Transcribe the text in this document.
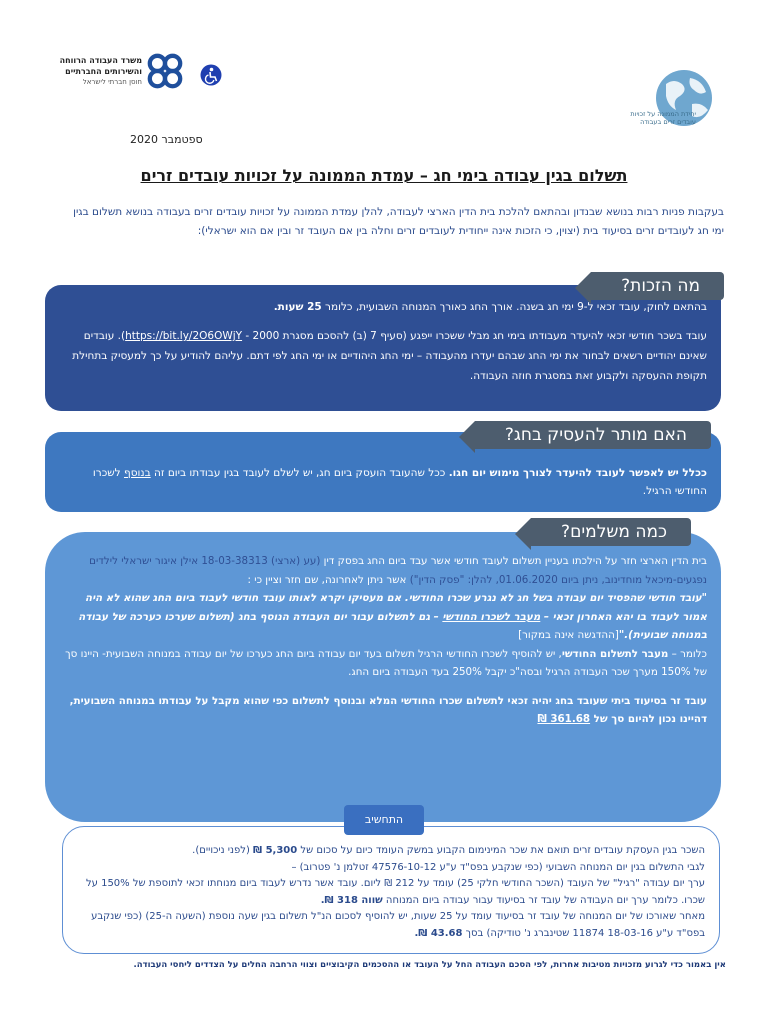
משרד העבודה הרווחה
והשירותים החברתיים
חוסן חברתי לישראל
יחידת הממונה על זכויות
עובדים זרים בעבודה
ספטמבר 2020
תשלום בגין עבודה בימי חג – עמדת הממונה על זכויות עובדים זרים
בעקבות פניות רבות בנושא שבנדון ובהתאם להלכת בית הדין הארצי לעבודה, להלן עמדת הממונה על זכויות עובדים זרים בעבודה בנושא תשלום בגין ימי חג לעובדים זרים בסיעוד בית (יצוין, כי הזכות אינה ייחודית לעובדים זרים וחלה בין אם העובד זר ובין אם הוא ישראלי):
מה הזכות?
בהתאם לחוק, עובד זכאי ל-9 ימי חג בשנה. אורך החג כאורך המנוחה השבועית, כלומר 25 שעות.
עובד בשכר חודשי זכאי להיעדר מעבודתו בימי חג מבלי ששכרו ייפגע (סעיף 7 (ב) להסכם מסגרת 2000 - https://bit.ly/2O6OWjY). עובדים שאינם יהודיים רשאים לבחור את ימי החג שבהם יעדרו מהעבודה – ימי החג היהודיים או ימי החג לפי דתם. עליהם להודיע על כך למעסיק בתחילת תקופת ההעסקה ולקבוע זאת במסגרת חוזה העבודה.
האם מותר להעסיק בחג?
ככלל יש לאפשר לעובד להיעדר לצורך מימוש יום חגו. ככל שהעובד הועסק ביום חג, יש לשלם לעובד בגין עבודתו ביום זה בנוסף לשכרו החודשי הרגיל.
כמה משלמים?
בית הדין הארצי חזר על הילכתו בעניין תשלום לעובד חודשי אשר עבד ביום החג בפסק דין (עע (ארצי) 18-03-38313 אילן איגור ישראלי לילדים נפגעים-מיכאל מוחדינוב, ניתן ביום 01.06.2020, להלן: "פסק הדין") אשר ניתן לאחרונה, שם חזר וציין כי :
"עובד חודשי שהפסיד יום עבודה בשל חג לא נגרע שכרו החודשי. אם מעסיקו יקרא לאותו עובד חודשי לעבוד ביום החג שהוא לא היה אמור לעבוד בו יהא האחרון זכאי – מעבר לשכרו החודשי – גם לתשלום עבור יום העבודה הנוסף בחג (תשלום שערכו כערכה של עבודה במנוחה שבועית)."[ההדגשה אינה במקור]
כלומר – מעבר לתשלום החודשי, יש להוסיף לשכרו החודשי הרגיל תשלום בעד יום עבודה ביום החג כערכו של יום עבודה במנוחה השבועית- היינו סך של 150% מערך שכר העבודה הרגיל ובסה"כ יקבל 250% בעד העבודה ביום החג.
עובד זר בסיעוד ביתי שעובד בחג יהיה זכאי לתשלום שכרו החודשי המלא ובנוסף לתשלום כפי שהוא מקבל על עבודתו במנוחה השבועית, דהיינו נכון להיום סך של 361.68 ₪
השכר בגין העסקת עובדים זרים תואם את שכר המינימום הקבוע במשק העומד כיום על סכום של 5,300 ₪ (לפני ניכויים).
לגבי התשלום בגין יום המנוחה השבועי (כפי שנקבע בפס"ד ע"ע 47576-10-12 זטלמן נ' פטרוב) –
ערך יום עבודה "רגיל" של העובד (השכר החודשי חלקי 25) עומד על 212 ₪ ליום. עובד אשר נדרש לעבוד ביום מנוחתו זכאי לתוספת של 150% על שכרו. כלומר ערך יום העבודה של עובד זר בסיעוד עבור עבודה ביום המנוחה שווה 318 ₪.
מאחר שאורכו של יום המנוחה של עובד זר בסיעוד עומד על 25 שעות, יש להוסיף לסכום הנ"ל תשלום בגין שעה נוספת (השעה ה-25) (כפי שנקבע בפס"ד ע"ע 18-03-16 11874 שטינברג נ' טודיקה) בסך 43.68 ₪.
התחשיב
אין באמור כדי לגרוע מזכויות מטיבות אחרות, לפי הסכם העבודה החל על העובד או ההסכמים הקיבוציים וצווי הרחבה החלים על הצדדים ליחסי העבודה.
